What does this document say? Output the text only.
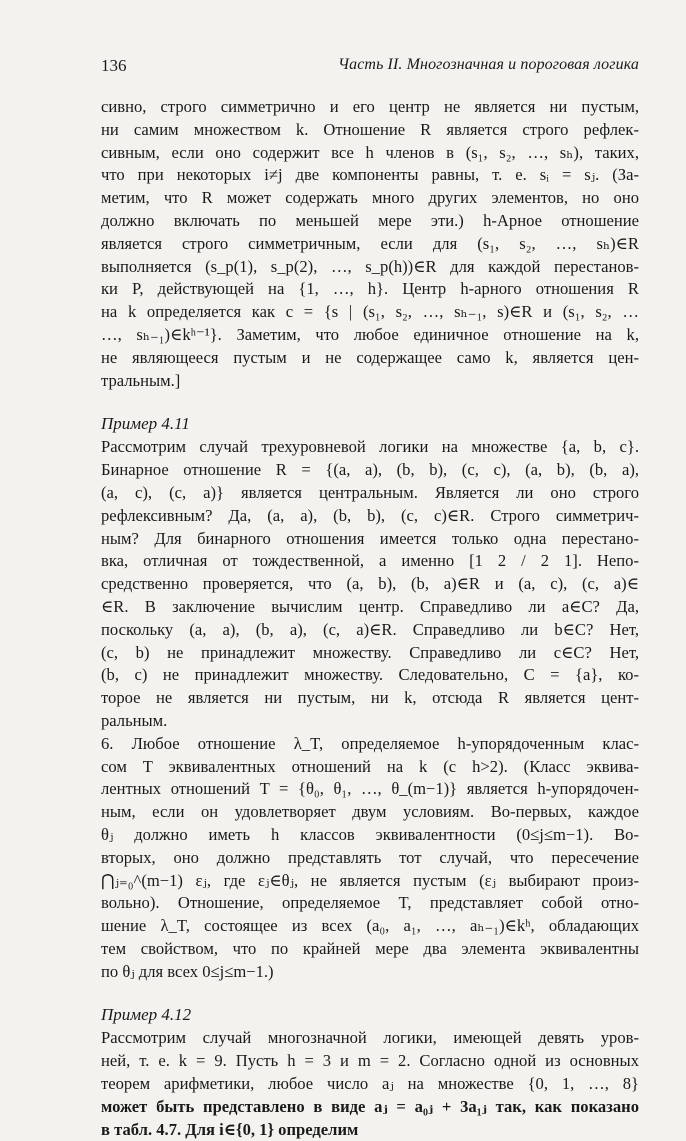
136	Часть II. Многозначная и пороговая логика
сивно, строго симметрично и его центр не является ни пустым,
ни самим множеством k. Отношение R является строго рефлек-
сивным, если оно содержит все h членов в (s₁, s₂, …, sₕ), таких,
что при некоторых i≠j две компоненты равны, т. е. sᵢ = sⱼ. (За-
метим, что R может содержать много других элементов, но оно
должно включать по меньшей мере эти.) h-Арное отношение
является строго симметричным, если для (s₁, s₂, …, sₕ)∈R
выполняется (s_p(1), s_p(2), …, s_p(h))∈R для каждой перестанов-
ки P, действующей на {1, …, h}. Центр h-арного отношения R
на k определяется как c = {s | (s₁, s₂, …, sₕ₋₁, s)∈R и (s₁, s₂, …
…, sₕ₋₁)∈kʰ⁻¹}. Заметим, что любое единичное отношение на k,
не являющееся пустым и не содержащее само k, является цен-
тральным.]
Пример 4.11
Рассмотрим случай трехуровневой логики на множестве {a, b, c}.
Бинарное отношение R = {(a, a), (b, b), (c, c), (a, b), (b, a),
(a, c), (c, a)} является центральным. Является ли оно строго
рефлексивным? Да, (a, a), (b, b), (c, c)∈R. Строго симметрич-
ным? Для бинарного отношения имеется только одна перестано-
вка, отличная от тождественной, а именно [1 2 / 2 1]. Непо-
средственно проверяется, что (a, b), (b, a)∈R и (a, c), (c, a)∈
∈R. В заключение вычислим центр. Справедливо ли a∈C? Да,
поскольку (a, a), (b, a), (c, a)∈R. Справедливо ли b∈C? Нет,
(c, b) не принадлежит множеству. Справедливо ли c∈C? Нет,
(b, c) не принадлежит множеству. Следовательно, C = {a}, ко-
торое не является ни пустым, ни k, отсюда R является цент-
ральным.
6. Любое отношение λ_T, определяемое h-упорядоченным клас-
сом T эквивалентных отношений на k (с h>2). (Класс эквива-
лентных отношений T = {θ₀, θ₁, …, θ_(m−1)} является h-упорядочен-
ным, если он удовлетворяет двум условиям. Во-первых, каждое
θⱼ должно иметь h классов эквивалентности (0≤j≤m−1). Во-
вторых, оно должно представлять тот случай, что пересечение
⋂ⱼ₌₀^(m−1) εⱼ, где εⱼ∈θⱼ, не является пустым (εⱼ выбирают произ-
вольно). Отношение, определяемое T, представляет собой отно-
шение λ_T, состоящее из всех (a₀, a₁, …, aₕ₋₁)∈kʰ, обладающих
тем свойством, что по крайней мере два элемента эквивалентны
по θⱼ для всех 0≤j≤m−1.)
Пример 4.12
Рассмотрим случай многозначной логики, имеющей девять уров-
ней, т. е. k = 9. Пусть h = 3 и m = 2. Согласно одной из основных
теорем арифметики, любое число aⱼ на множестве {0, 1, …, 8}
может быть представлено в виде aⱼ = a₀ⱼ + 3a₁ⱼ так, как показано
в табл. 4.7. Для i∈{0, 1} определим
